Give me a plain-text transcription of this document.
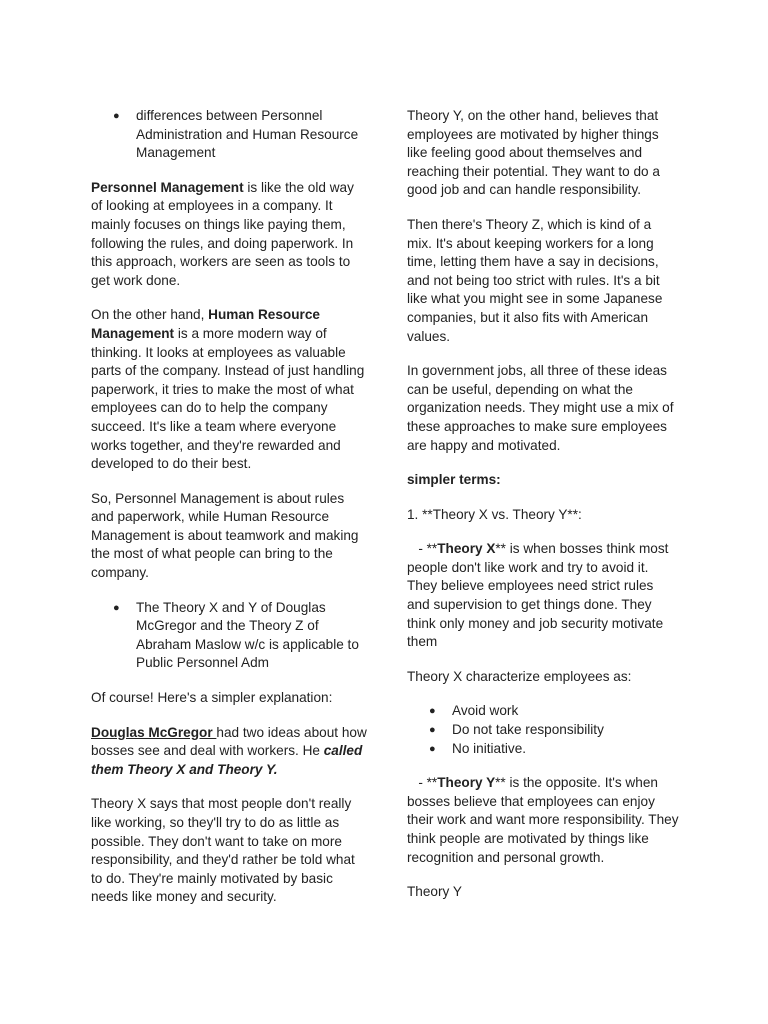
● differences between Personnel Administration and Human Resource Management

Personnel Management is like the old way of looking at employees in a company. It mainly focuses on things like paying them, following the rules, and doing paperwork. In this approach, workers are seen as tools to get work done.

On the other hand, Human Resource Management is a more modern way of thinking. It looks at employees as valuable parts of the company. Instead of just handling paperwork, it tries to make the most of what employees can do to help the company succeed. It's like a team where everyone works together, and they're rewarded and developed to do their best.

So, Personnel Management is about rules and paperwork, while Human Resource Management is about teamwork and making the most of what people can bring to the company.

● The Theory X and Y of Douglas McGregor and the Theory Z of Abraham Maslow w/c is applicable to Public Personnel Adm

Of course! Here's a simpler explanation:

Douglas McGregor had two ideas about how bosses see and deal with workers. He called them Theory X and Theory Y.

Theory X says that most people don't really like working, so they'll try to do as little as possible. They don't want to take on more responsibility, and they'd rather be told what to do. They're mainly motivated by basic needs like money and security.

Theory Y, on the other hand, believes that employees are motivated by higher things like feeling good about themselves and reaching their potential. They want to do a good job and can handle responsibility.

Then there's Theory Z, which is kind of a mix. It's about keeping workers for a long time, letting them have a say in decisions, and not being too strict with rules. It's a bit like what you might see in some Japanese companies, but it also fits with American values.

In government jobs, all three of these ideas can be useful, depending on what the organization needs. They might use a mix of these approaches to make sure employees are happy and motivated.

simpler terms:

1. **Theory X vs. Theory Y**:

- **Theory X** is when bosses think most people don't like work and try to avoid it. They believe employees need strict rules and supervision to get things done. They think only money and job security motivate them

Theory X characterize employees as:

● Avoid work
● Do not take responsibility
● No initiative.

- **Theory Y** is the opposite. It's when bosses believe that employees can enjoy their work and want more responsibility. They think people are motivated by things like recognition and personal growth.

Theory Y
